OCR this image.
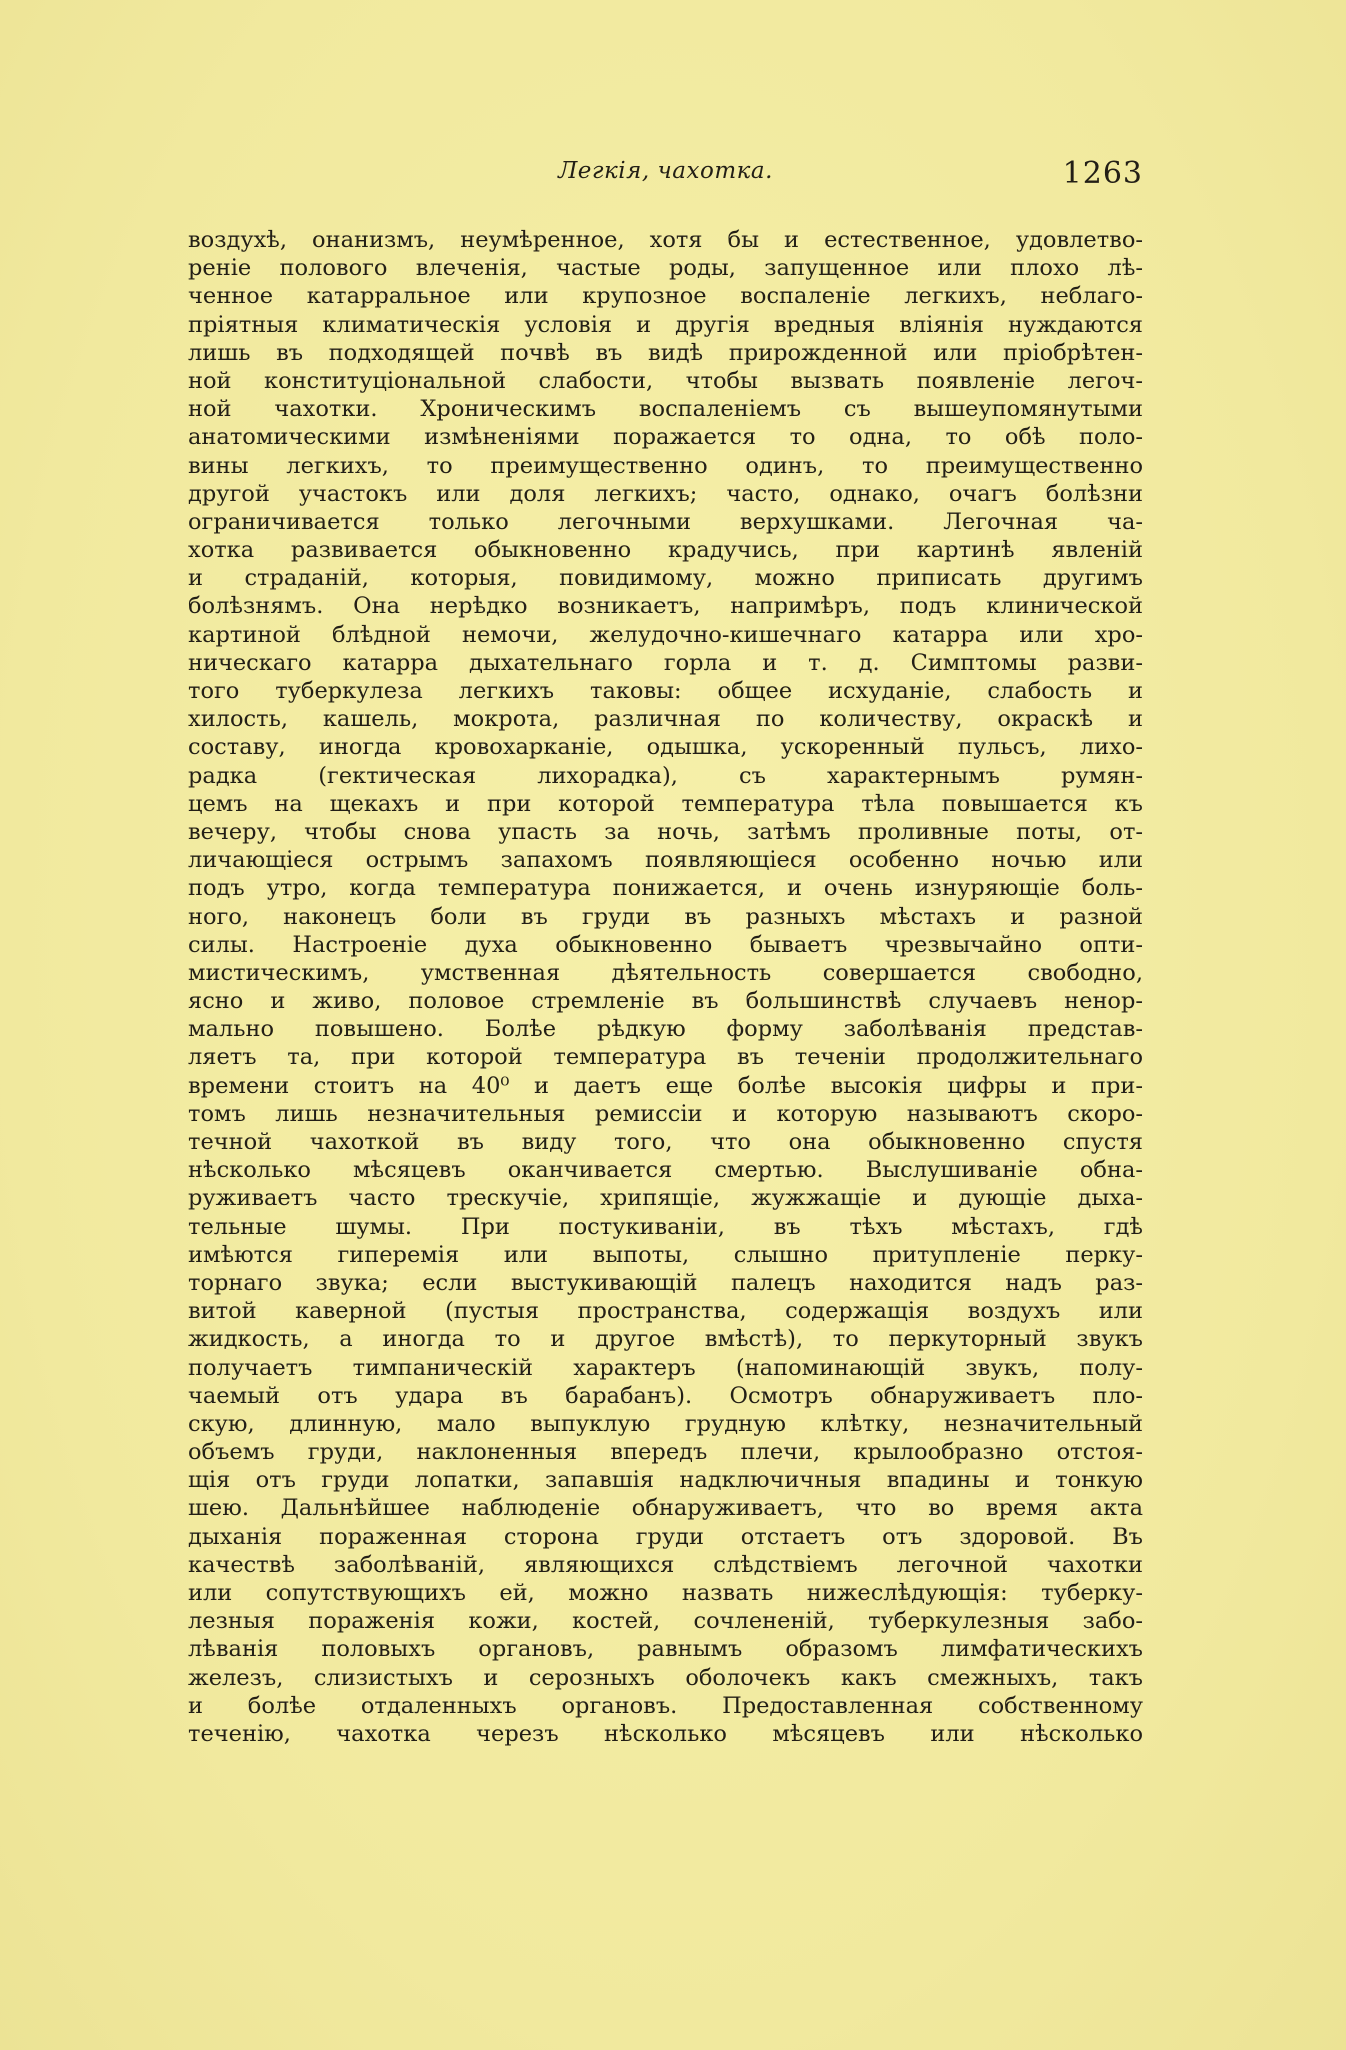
Легкія, чахотка.	1263
воздухѣ, онанизмъ, неумѣренное, хотя бы и естественное, удовлетво-
реніе полового влеченія, частые роды, запущенное или плохо лѣ-
ченное катарральное или крупозное воспаленіе легкихъ, неблаго-
пріятныя климатическія условія и другія вредныя вліянія нуждаются
лишь въ подходящей почвѣ въ видѣ прирожденной или пріобрѣтен-
ной конституціональной слабости, чтобы вызвать появленіе легоч-
ной чахотки. Хроническимъ воспаленіемъ съ вышеупомянутыми
анатомическими измѣненіями поражается то одна, то обѣ поло-
вины легкихъ, то преимущественно одинъ, то преимущественно
другой участокъ или доля легкихъ; часто, однако, очагъ болѣзни
ограничивается только легочными верхушками. Легочная ча-
хотка развивается обыкновенно крадучись, при картинѣ явленій
и страданій, которыя, повидимому, можно приписать другимъ
болѣзнямъ. Она нерѣдко возникаетъ, напримѣръ, подъ клинической
картиной блѣдной немочи, желудочно-кишечнаго катарра или хро-
ническаго катарра дыхательнаго горла и т. д. Симптомы разви-
того туберкулеза легкихъ таковы: общее исхуданіе, слабость и
хилость, кашель, мокрота, различная по количеству, окраскѣ и
составу, иногда кровохарканіе, одышка, ускоренный пульсъ, лихо-
радка (гектическая лихорадка), съ характернымъ румян-
цемъ на щекахъ и при которой температура тѣла повышается къ
вечеру, чтобы снова упасть за ночь, затѣмъ проливные поты, от-
личающіеся острымъ запахомъ появляющіеся особенно ночью или
подъ утро, когда температура понижается, и очень изнуряющіе боль-
ного, наконецъ боли въ груди въ разныхъ мѣстахъ и разной
силы. Настроеніе духа обыкновенно бываетъ чрезвычайно опти-
мистическимъ, умственная дѣятельность совершается свободно,
ясно и живо, половое стремленіе въ большинствѣ случаевъ ненор-
мально повышено. Болѣе рѣдкую форму заболѣванія представ-
ляетъ та, при которой температура въ теченіи продолжительнаго
времени стоитъ на 40⁰ и даетъ еще болѣе высокія цифры и при-
томъ лишь незначительныя ремиссіи и которую называютъ скоро-
течной чахоткой въ виду того, что она обыкновенно спустя
нѣсколько мѣсяцевъ оканчивается смертью. Выслушиваніе обна-
руживаетъ часто трескучіе, хрипящіе, жужжащіе и дующіе дыха-
тельные шумы. При постукиваніи, въ тѣхъ мѣстахъ, гдѣ
имѣются гиперемія или выпоты, слышно притупленіе перку-
торнаго звука; если выстукивающій палецъ находится надъ раз-
витой каверной (пустыя пространства, содержащія воздухъ или
жидкость, а иногда то и другое вмѣстѣ), то перкуторный звукъ
получаетъ тимпаническій характеръ (напоминающій звукъ, полу-
чаемый отъ удара въ барабанъ). Осмотръ обнаруживаетъ пло-
скую, длинную, мало выпуклую грудную клѣтку, незначительный
объемъ груди, наклоненныя впередъ плечи, крылообразно отстоя-
щія отъ груди лопатки, запавшія надключичныя впадины и тонкую
шею. Дальнѣйшее наблюденіе обнаруживаетъ, что во время акта
дыханія пораженная сторона груди отстаетъ отъ здоровой. Въ
качествѣ заболѣваній, являющихся слѣдствіемъ легочной чахотки
или сопутствующихъ ей, можно назвать нижеслѣдующія: туберку-
лезныя пораженія кожи, костей, сочлененій, туберкулезныя забо-
лѣванія половыхъ органовъ, равнымъ образомъ лимфатическихъ
железъ, слизистыхъ и серозныхъ оболочекъ какъ смежныхъ, такъ
и болѣе отдаленныхъ органовъ. Предоставленная собственному
теченію, чахотка черезъ нѣсколько мѣсяцевъ или нѣсколько
